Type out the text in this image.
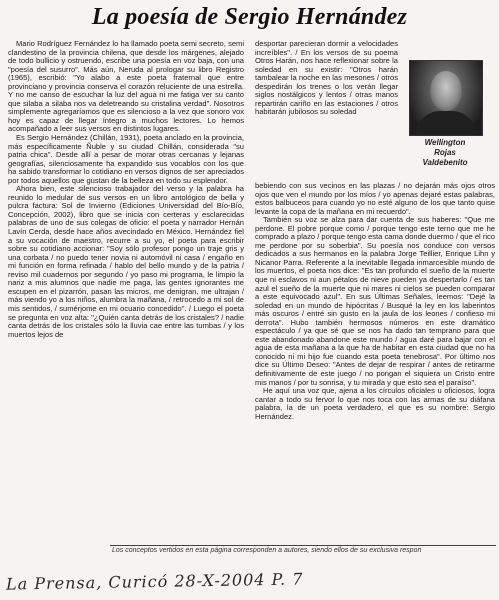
La poesía de Sergio Hernández

Mario Rodríguez Fernández lo ha llamado poeta semi secreto, semi clandestino de la provincia chilena, que desde los márgenes, alejado de todo bullicio y ostruendo, escribe una poesía en voz baja, con una "poesía del susurro". Más aún, Neruda al prologar su libro Registro (1965), escribió: "Yo alabo a este poeta fraternal que entre provinciano y provincia conserva el corazón reluciente de una estrella. Y no me canso de escuchar la luz del agua ni me fatiga ver su canto que silaba a silaba nos va deletreando su cristalina verdad". Nosotros simplemente agregaríamos que es silencioso a la vez que sonoro vox hoy es capaz de llegar íntegro a muchos lectores. Lo hemos acompañado a leer sus versos en distintos lugares.

Es Sergio Hernández (Chillán, 1931), poeta anclado en la provincia, más específicamente Ñuble y su ciudad Chillán, considerada "su patria chica". Desde allí a pesar de morar otras cercanas y lejanas geografías, silenciosamente ha expandido sus vocablos con los que ha sabido transformar lo cotidiano en versos dignos de ser apreciados por todos aquellos que gustan de la belleza en todo su esplendor.

Ahora bien, este silencioso trabajador del verso y la palabra ha reunido lo medular de sus versos en un libro antológico de bella y pulcra factura: Sol de Invierno (Ediciones Universidad del Bío-Bío, Concepción, 2002), libro que se inicia con certeras y esclarecidas palabras de uno de sus colegas de oficio: el poeta y narrador Hernán Lavín Cerda, desde hace años avecindado en México. Hernández fiel a su vocación de maestro, recurre a su yo, el poeta para escribir sobre su cotidiano accionar: "Soy sólo profesor pongo un traje gris y una corbata / no puedo tener novia ni automóvil ni casa / engaño en mi función en forma refinada / hablo del bello mundo y de la patria / reviso mil cuadernos por segundo / yo paso mi programa, le limpio la nariz a mis alumnos que nadie me paga, las gentes ignorantes me escupen en el pizarrón, pasan las micros, me denigran, me ultrajan / más viendo yo a los niños, alumbra la mañana, / retrocedo a mi sol de mis sentidos, / sumérjome en mi ocuario concedido". / Luego el poeta se pregunta en voz alta: "¿Quién canta detrás de los cristales? / nadie canta detrás de los cristales sólo la lluvia cae entre las tumbas / y los muertos lejos de

desportar parecieran dormir a velocidades increíbles". / En los versos de su poema Otros Harán, nos hace reflexionar sobre la soledad en su existir: "Otros harán tambalear la noche en las mesones / otros despedirán los trenes o los verán llegar siglos nostálgicos y lentos / otras manos repartirán cariño en las estaciones / otros habitarán jubilosos su soledad

Wellington
Rojas
Valdebenito

bebiendo con sus vecinos en las plazas / no dejarán más ojos otros ojos que ven el mundo por los míos / yo apenas dejaré estas palabras, estos balbuceos para cuando yo no esté alguno de los que tanto quise levante la copa de la mañana en mi recuerdo".

También su voz se alza para dar cuenta de sus haberes: "Que me perdone. El pobre porque como / porque tengo este terno que me he comprado a plazo / porque tengo esta cama donde duermo / que el rico me perdone por su soberbia". Su poesía nos conduce con versos dedicados a sus hermanos en la palabra Jorge Teillier, Enrique Lihn y Nicanor Parra. Referente a la inevitable llegada inmarcesible mundo de los muertos, el poeta nos dice: "Es tan profundo el sueño de la muerte que ni esclavos ni aun pétalos de nieve pueden ya despertarlo / es tan azul el sueño de la muerte que ni mares ni cielos se pueden comparar a este equivocado azul". En sus Últimas Señales, leemos: "Dejé la soledad en un mundo de hipócritas / Busqué la ley en los laberintos más oscuros / entré sin gusto en la jaula de los leones / confieso mi derrota". Hubo también hermosos números en este dramático espectáculo / ya que sé que se nos ha dado tan temprano para que este abandonado abandone este mundo / agua daré para bajar con el agua de esta mañana a la que ha de habitar en esta ciudad que no ha conocido ni mi hijo fue cuando esta poeta tenebrosa". Por último nos dice su Último Deseo: "Antes de dejar de respirar / antes de retirarme definitivamente de este juego / no pongan el siquiera un Cristo entre mis manos / por tu sonrisa, y tu mirada y que esto sea el paraíso".

He aquí una voz que, ajena a los círculos oficiales u oficiosos, logra cantar a todo su fervor lo que nos toca con las armas de su diáfana palabra, la de un poeta verdadero, el que es su nombre: Sergio Hernández.

Los conceptos vertidos en esta página corresponden a autores, siendo ellos de su exclusiva respon
La Prensa, Curicó 28-X-2004 P. 7
